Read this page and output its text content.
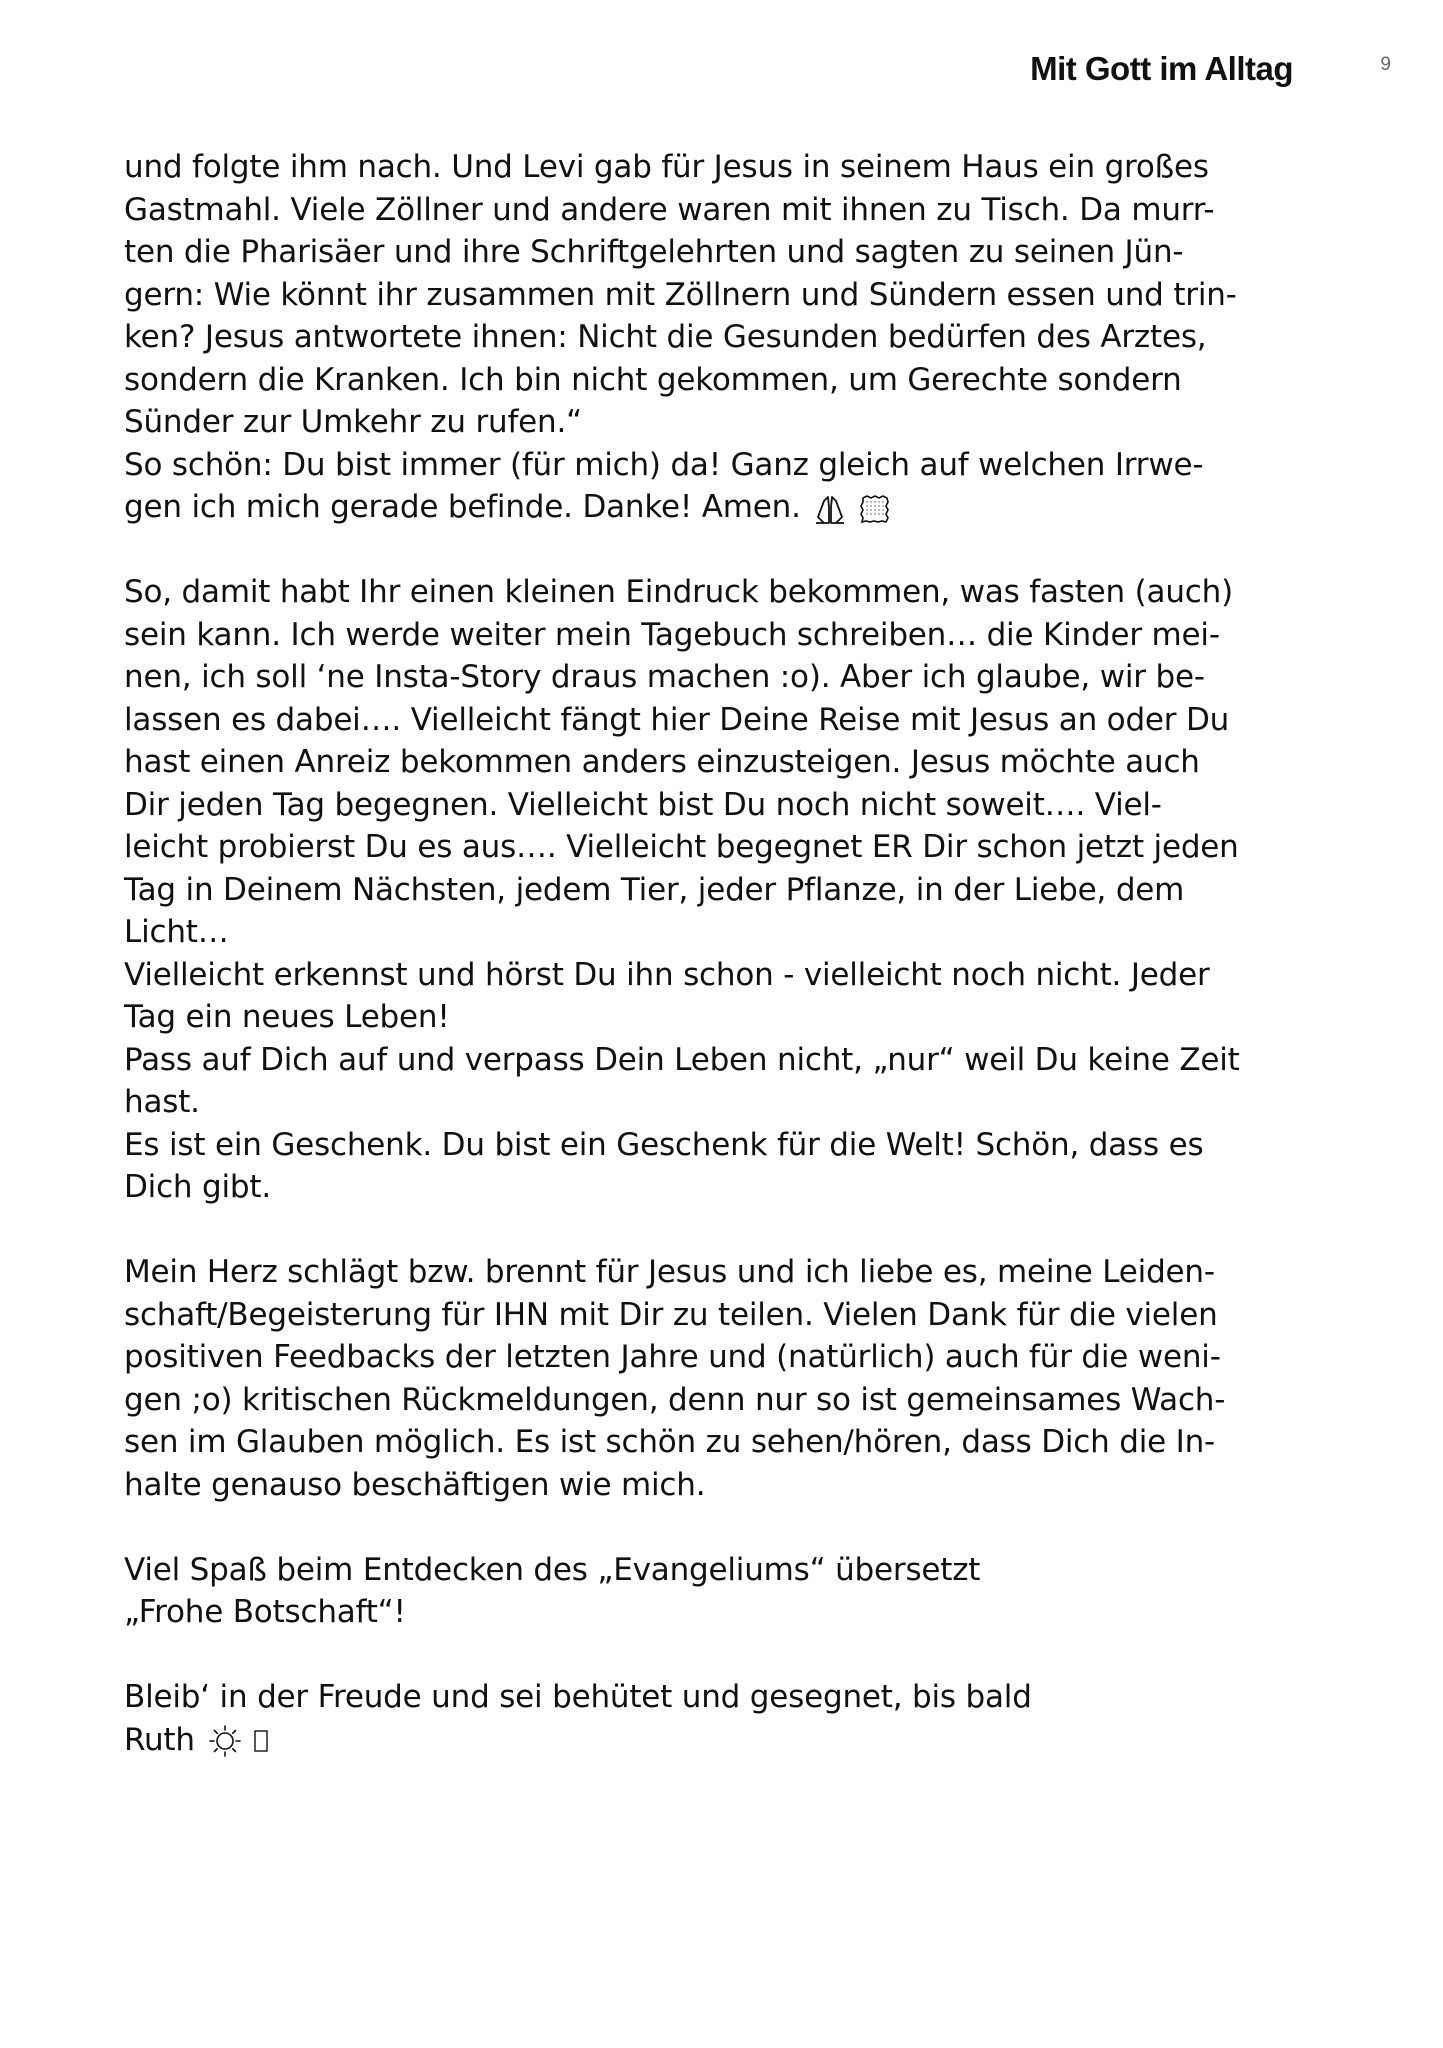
Mit Gott im Alltag	9
und folgte ihm nach. Und Levi gab für Jesus in seinem Haus ein großes
Gastmahl. Viele Zöllner und andere waren mit ihnen zu Tisch. Da murr-
ten die Pharisäer und ihre Schriftgelehrten und sagten zu seinen Jün-
gern: Wie könnt ihr zusammen mit Zöllnern und Sündern essen und trin-
ken? Jesus antwortete ihnen: Nicht die Gesunden bedürfen des Arztes,
sondern die Kranken. Ich bin nicht gekommen, um Gerechte sondern
Sünder zur Umkehr zu rufen.“
So schön: Du bist immer (für mich) da! Ganz gleich auf welchen Irrwe-
gen ich mich gerade befinde. Danke! Amen.

So, damit habt Ihr einen kleinen Eindruck bekommen, was fasten (auch)
sein kann. Ich werde weiter mein Tagebuch schreiben… die Kinder mei-
nen, ich soll ‘ne Insta-Story draus machen :o). Aber ich glaube, wir be-
lassen es dabei…. Vielleicht fängt hier Deine Reise mit Jesus an oder Du
hast einen Anreiz bekommen anders einzusteigen. Jesus möchte auch
Dir jeden Tag begegnen. Vielleicht bist Du noch nicht soweit…. Viel-
leicht probierst Du es aus…. Vielleicht begegnet ER Dir schon jetzt jeden
Tag in Deinem Nächsten, jedem Tier, jeder Pflanze, in der Liebe, dem
Licht…
Vielleicht erkennst und hörst Du ihn schon - vielleicht noch nicht. Jeder
Tag ein neues Leben!
Pass auf Dich auf und verpass Dein Leben nicht, „nur“ weil Du keine Zeit
hast.
Es ist ein Geschenk. Du bist ein Geschenk für die Welt! Schön, dass es
Dich gibt.
Mein Herz schlägt bzw. brennt für Jesus und ich liebe es, meine Leiden-
schaft/Begeisterung für IHN mit Dir zu teilen. Vielen Dank für die vielen
positiven Feedbacks der letzten Jahre und (natürlich) auch für die weni-
gen ;o) kritischen Rückmeldungen, denn nur so ist gemeinsames Wach-
sen im Glauben möglich. Es ist schön zu sehen/hören, dass Dich die In-
halte genauso beschäftigen wie mich.
Viel Spaß beim Entdecken des „Evangeliums“ übersetzt
„Frohe Botschaft“!
Bleib‘ in der Freude und sei behütet und gesegnet, bis bald
Ruth
